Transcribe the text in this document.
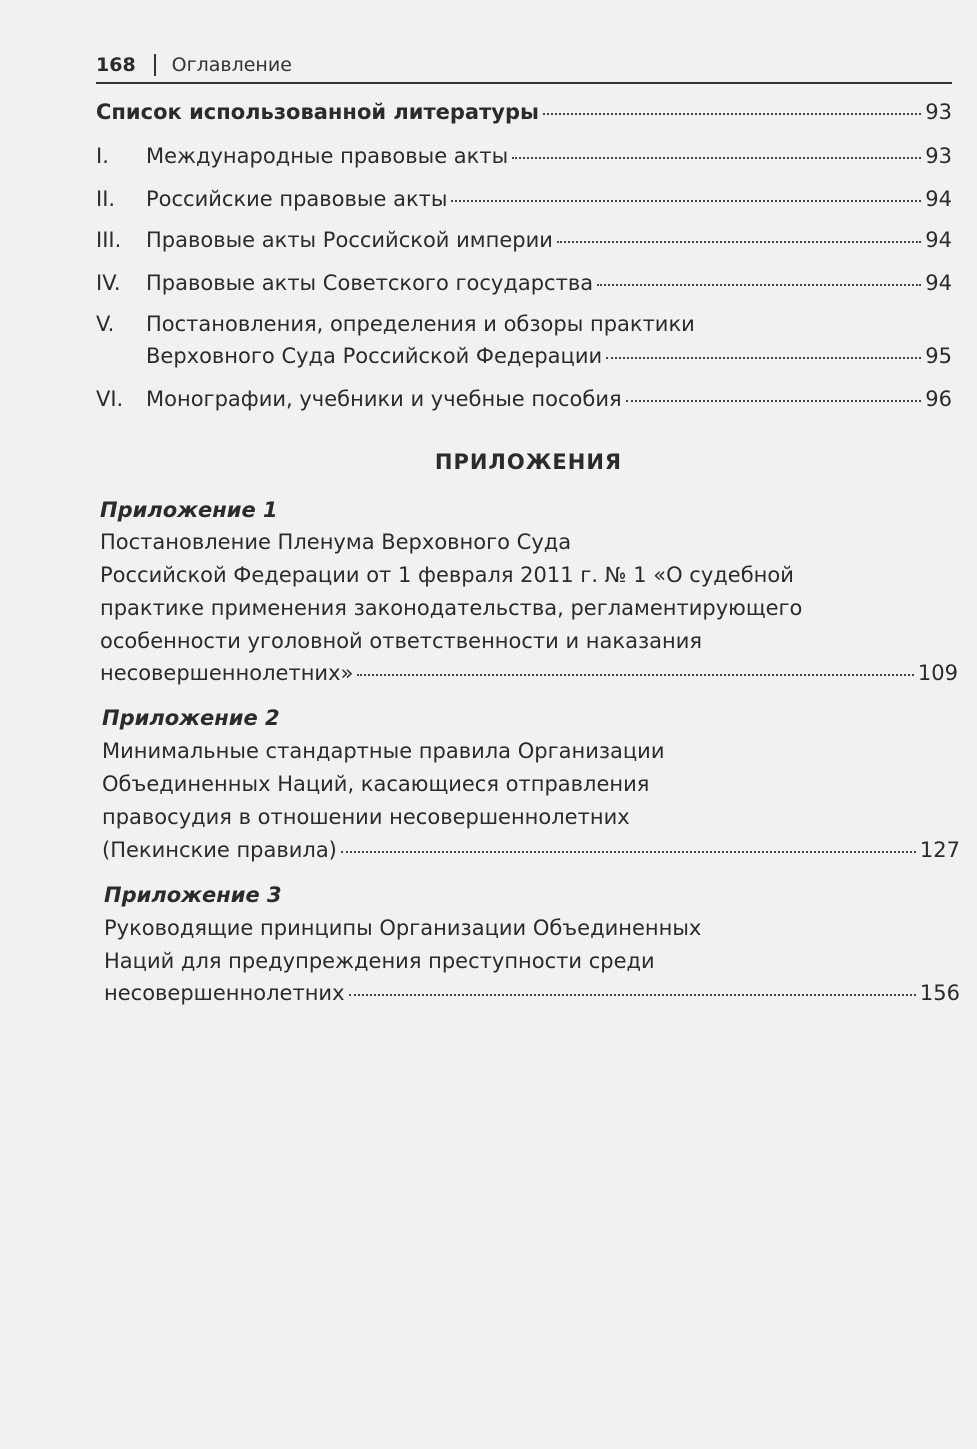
168 Оглавление
Список использованной литературы	93
I. Международные правовые акты	93
II. Российские правовые акты	94
III. Правовые акты Российской империи	94
IV. Правовые акты Советского государства	94
V. Постановления, определения и обзоры практики
Верховного Суда Российской Федерации	95
VI. Монографии, учебники и учебные пособия	96
ПРИЛОЖЕНИЯ
Приложение 1
Постановление Пленума Верховного Суда
Российской Федерации от 1 февраля 2011 г. № 1 «О судебной
практике применения законодательства, регламентирующего
особенности уголовной ответственности и наказания
несовершеннолетних»	109
Приложение 2
Минимальные стандартные правила Организации
Объединенных Наций, касающиеся отправления
правосудия в отношении несовершеннолетних
(Пекинские правила)	127
Приложение 3
Руководящие принципы Организации Объединенных
Наций для предупреждения преступности среди
несовершеннолетних	156
